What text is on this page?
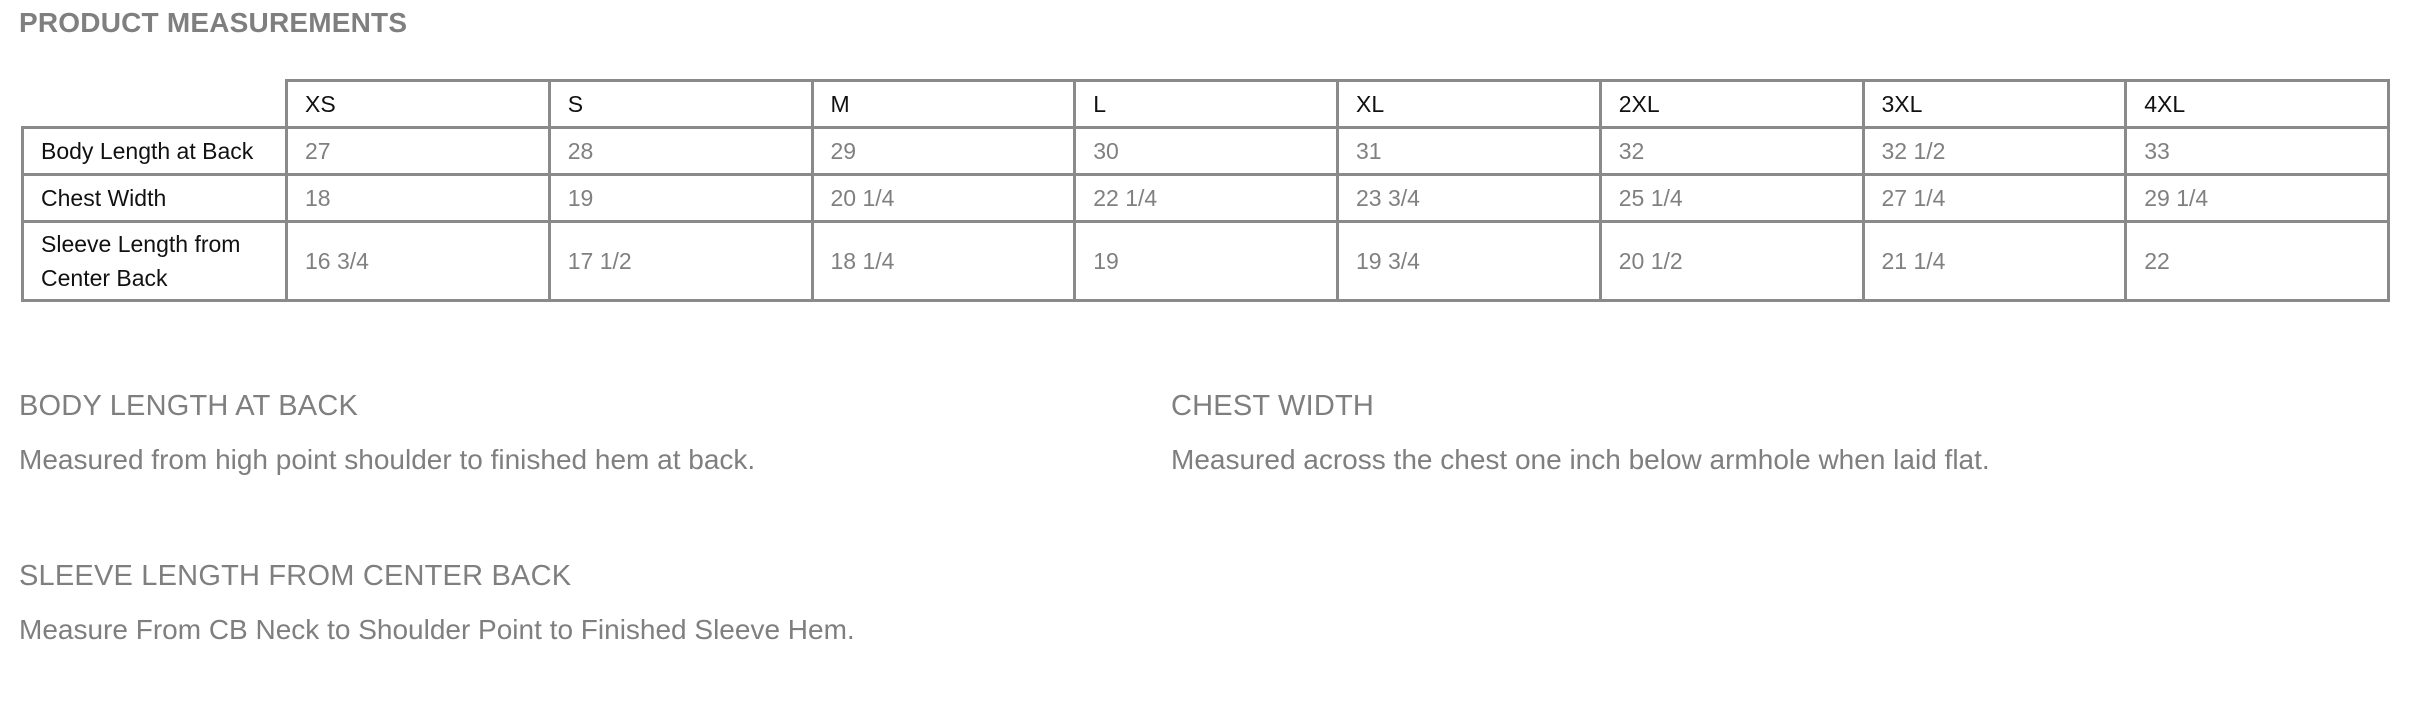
PRODUCT MEASUREMENTS
	XS	S	M	L	XL	2XL	3XL	4XL
Body Length at Back	27	28	29	30	31	32	32 1/2	33
Chest Width	18	19	20 1/4	22 1/4	23 3/4	25 1/4	27 1/4	29 1/4
Sleeve Length from Center Back	16 3/4	17 1/2	18 1/4	19	19 3/4	20 1/2	21 1/4	22
BODY LENGTH AT BACK

Measured from high point shoulder to finished hem at back.

CHEST WIDTH

Measured across the chest one inch below armhole when laid flat.

SLEEVE LENGTH FROM CENTER BACK

Measure From CB Neck to Shoulder Point to Finished Sleeve Hem.
